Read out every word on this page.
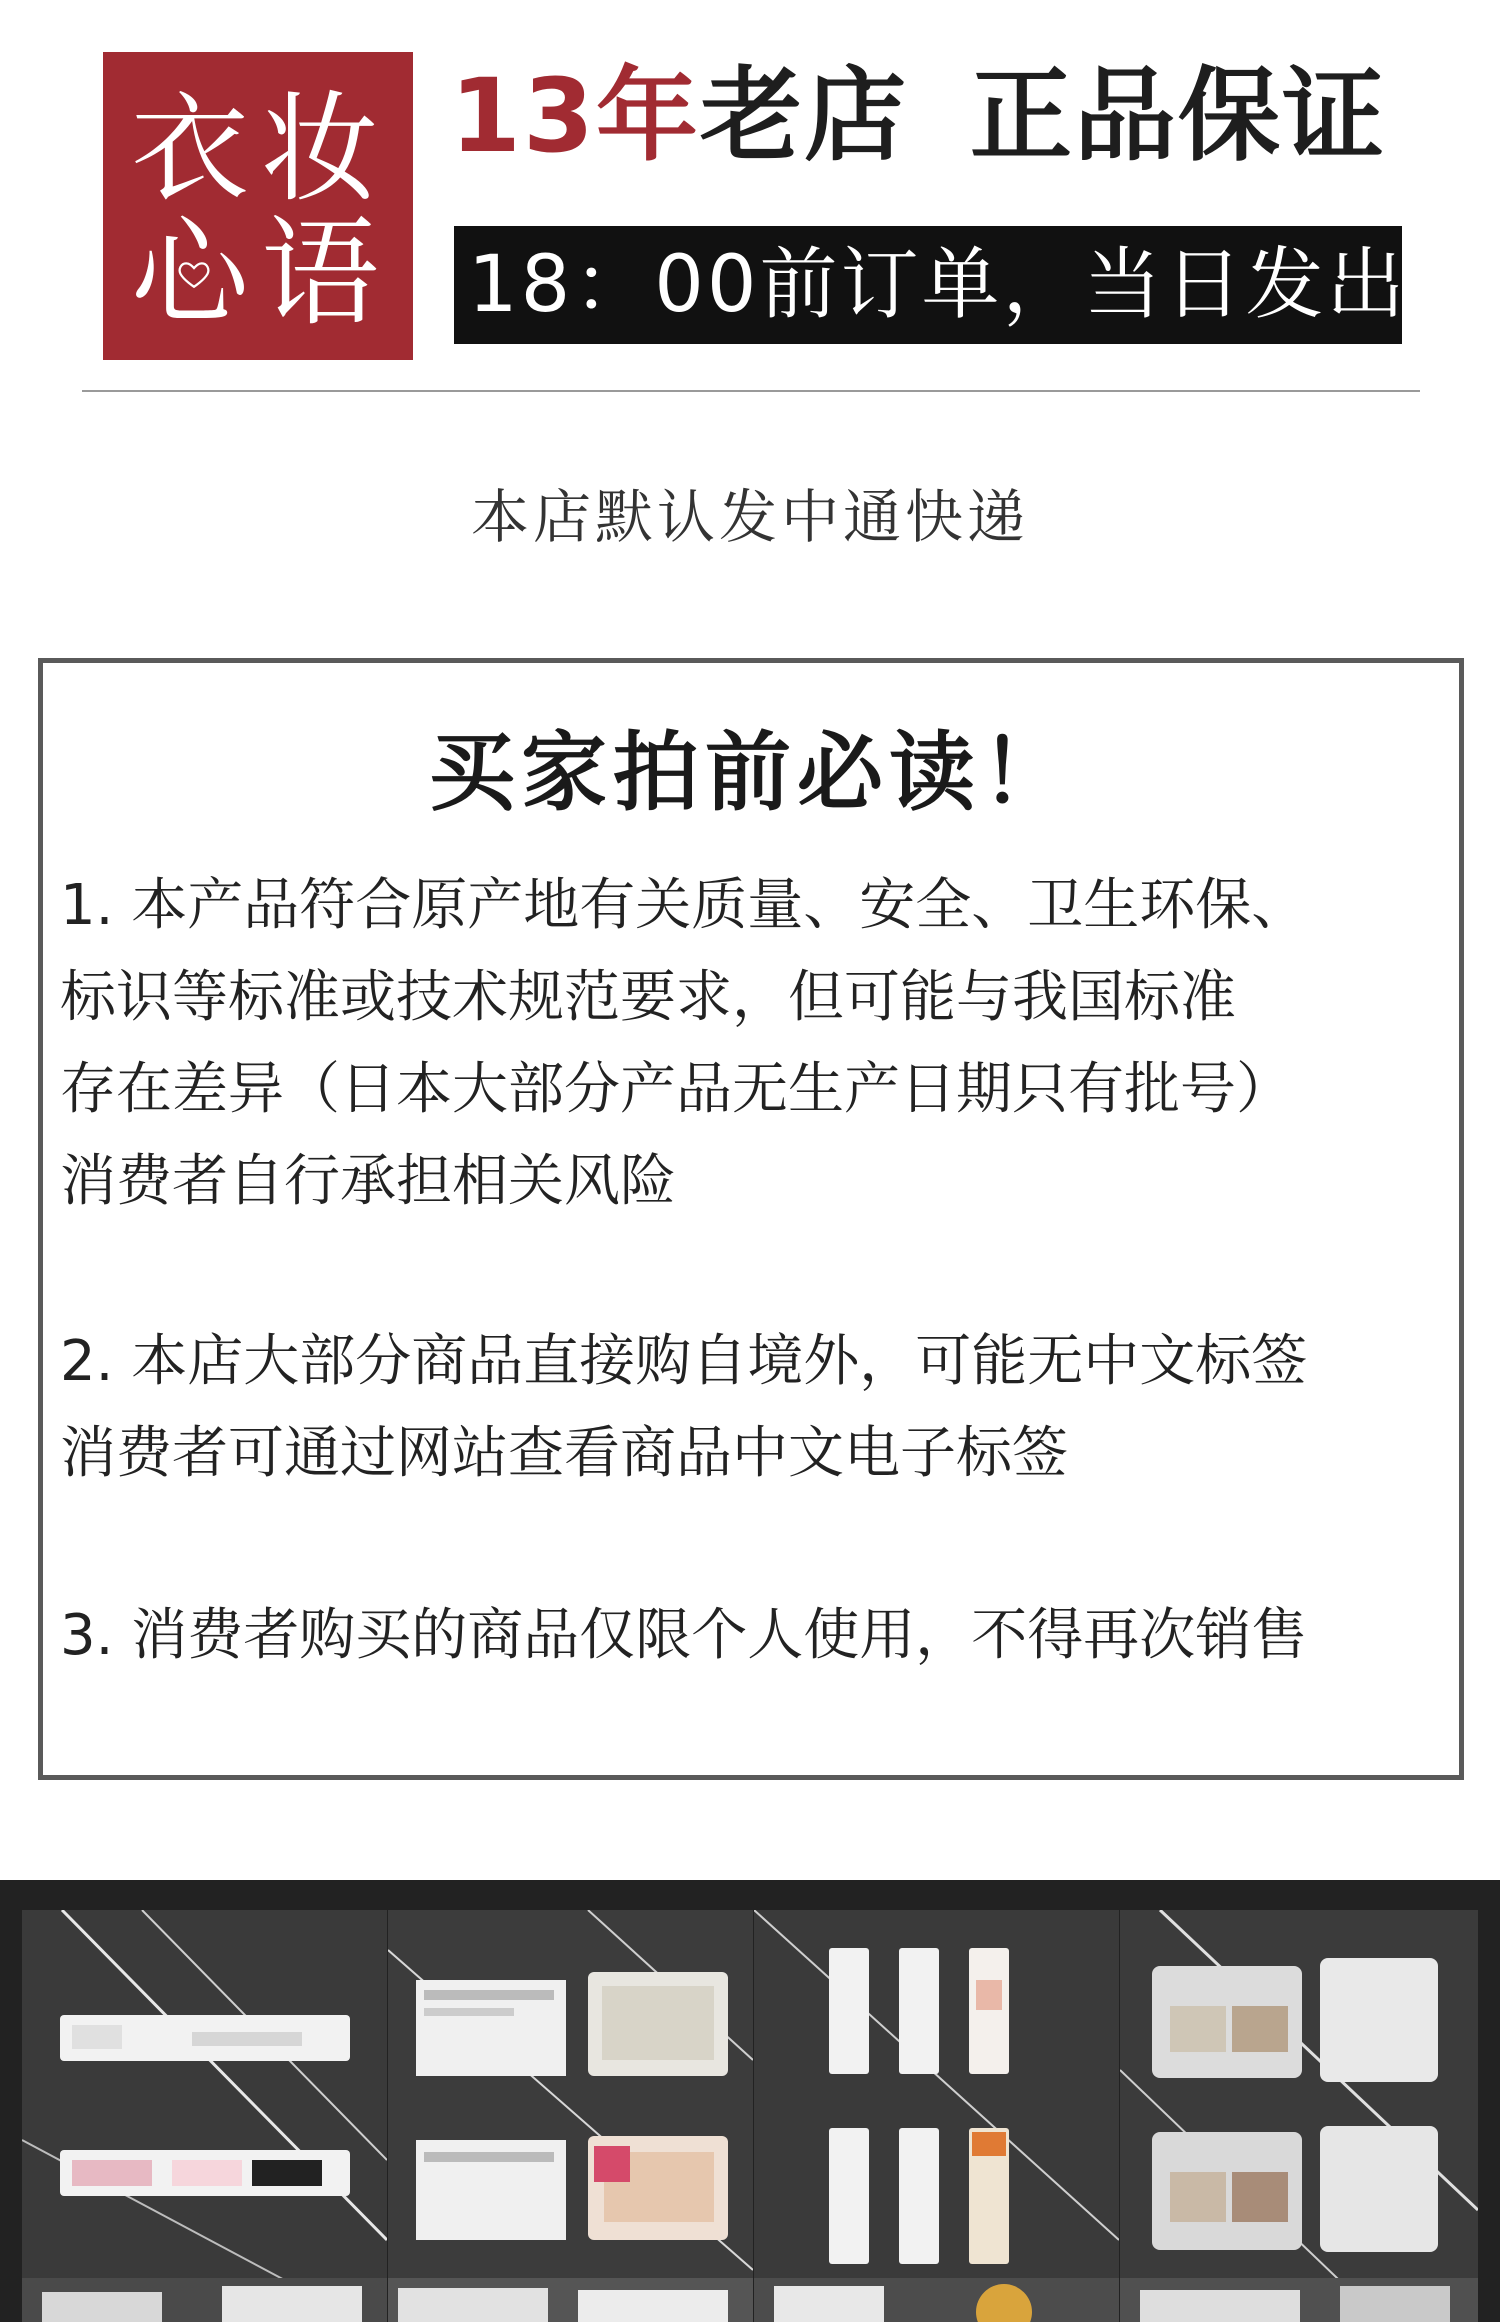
衣 妆
心 语
13年老店 正品保证
18：00前订单，当日发出！
本店默认发中通快递
买家拍前必读！
1. 本产品符合原产地有关质量、安全、卫生环保、
标识等标准或技术规范要求，但可能与我国标准
存在差异（日本大部分产品无生产日期只有批号）
消费者自行承担相关风险
2. 本店大部分商品直接购自境外，可能无中文标签
消费者可通过网站查看商品中文电子标签
3. 消费者购买的商品仅限个人使用，不得再次销售
